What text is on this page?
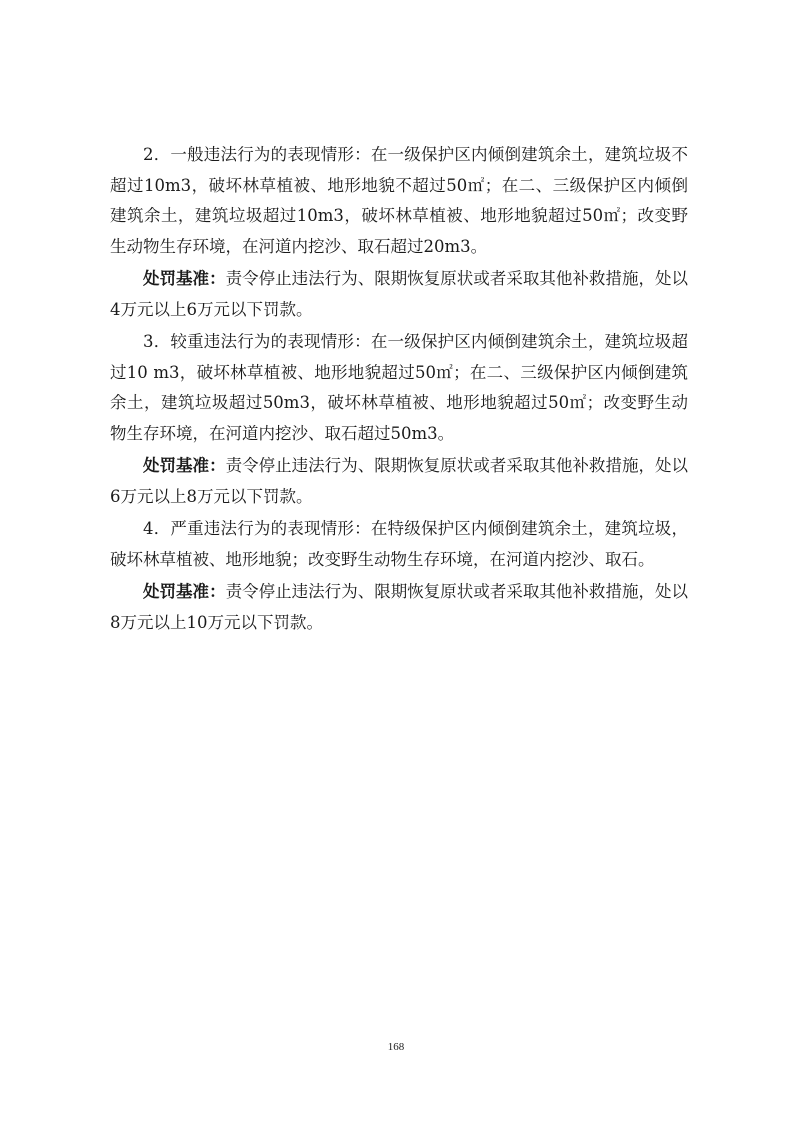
2．一般违法行为的表现情形：在一级保护区内倾倒建筑余土，建筑垃圾不超过10m3，破坏林草植被、地形地貌不超过50㎡；在二、三级保护区内倾倒建筑余土，建筑垃圾超过10m3，破坏林草植被、地形地貌超过50㎡；改变野生动物生存环境，在河道内挖沙、取石超过20m3。

处罚基准：责令停止违法行为、限期恢复原状或者采取其他补救措施，处以4万元以上6万元以下罚款。

3．较重违法行为的表现情形：在一级保护区内倾倒建筑余土，建筑垃圾超过10 m3，破坏林草植被、地形地貌超过50㎡；在二、三级保护区内倾倒建筑余土，建筑垃圾超过50m3，破坏林草植被、地形地貌超过50㎡；改变野生动物生存环境，在河道内挖沙、取石超过50m3。

处罚基准：责令停止违法行为、限期恢复原状或者采取其他补救措施，处以6万元以上8万元以下罚款。

4．严重违法行为的表现情形：在特级保护区内倾倒建筑余土，建筑垃圾，破坏林草植被、地形地貌；改变野生动物生存环境，在河道内挖沙、取石。

处罚基准：责令停止违法行为、限期恢复原状或者采取其他补救措施，处以8万元以上10万元以下罚款。

168
